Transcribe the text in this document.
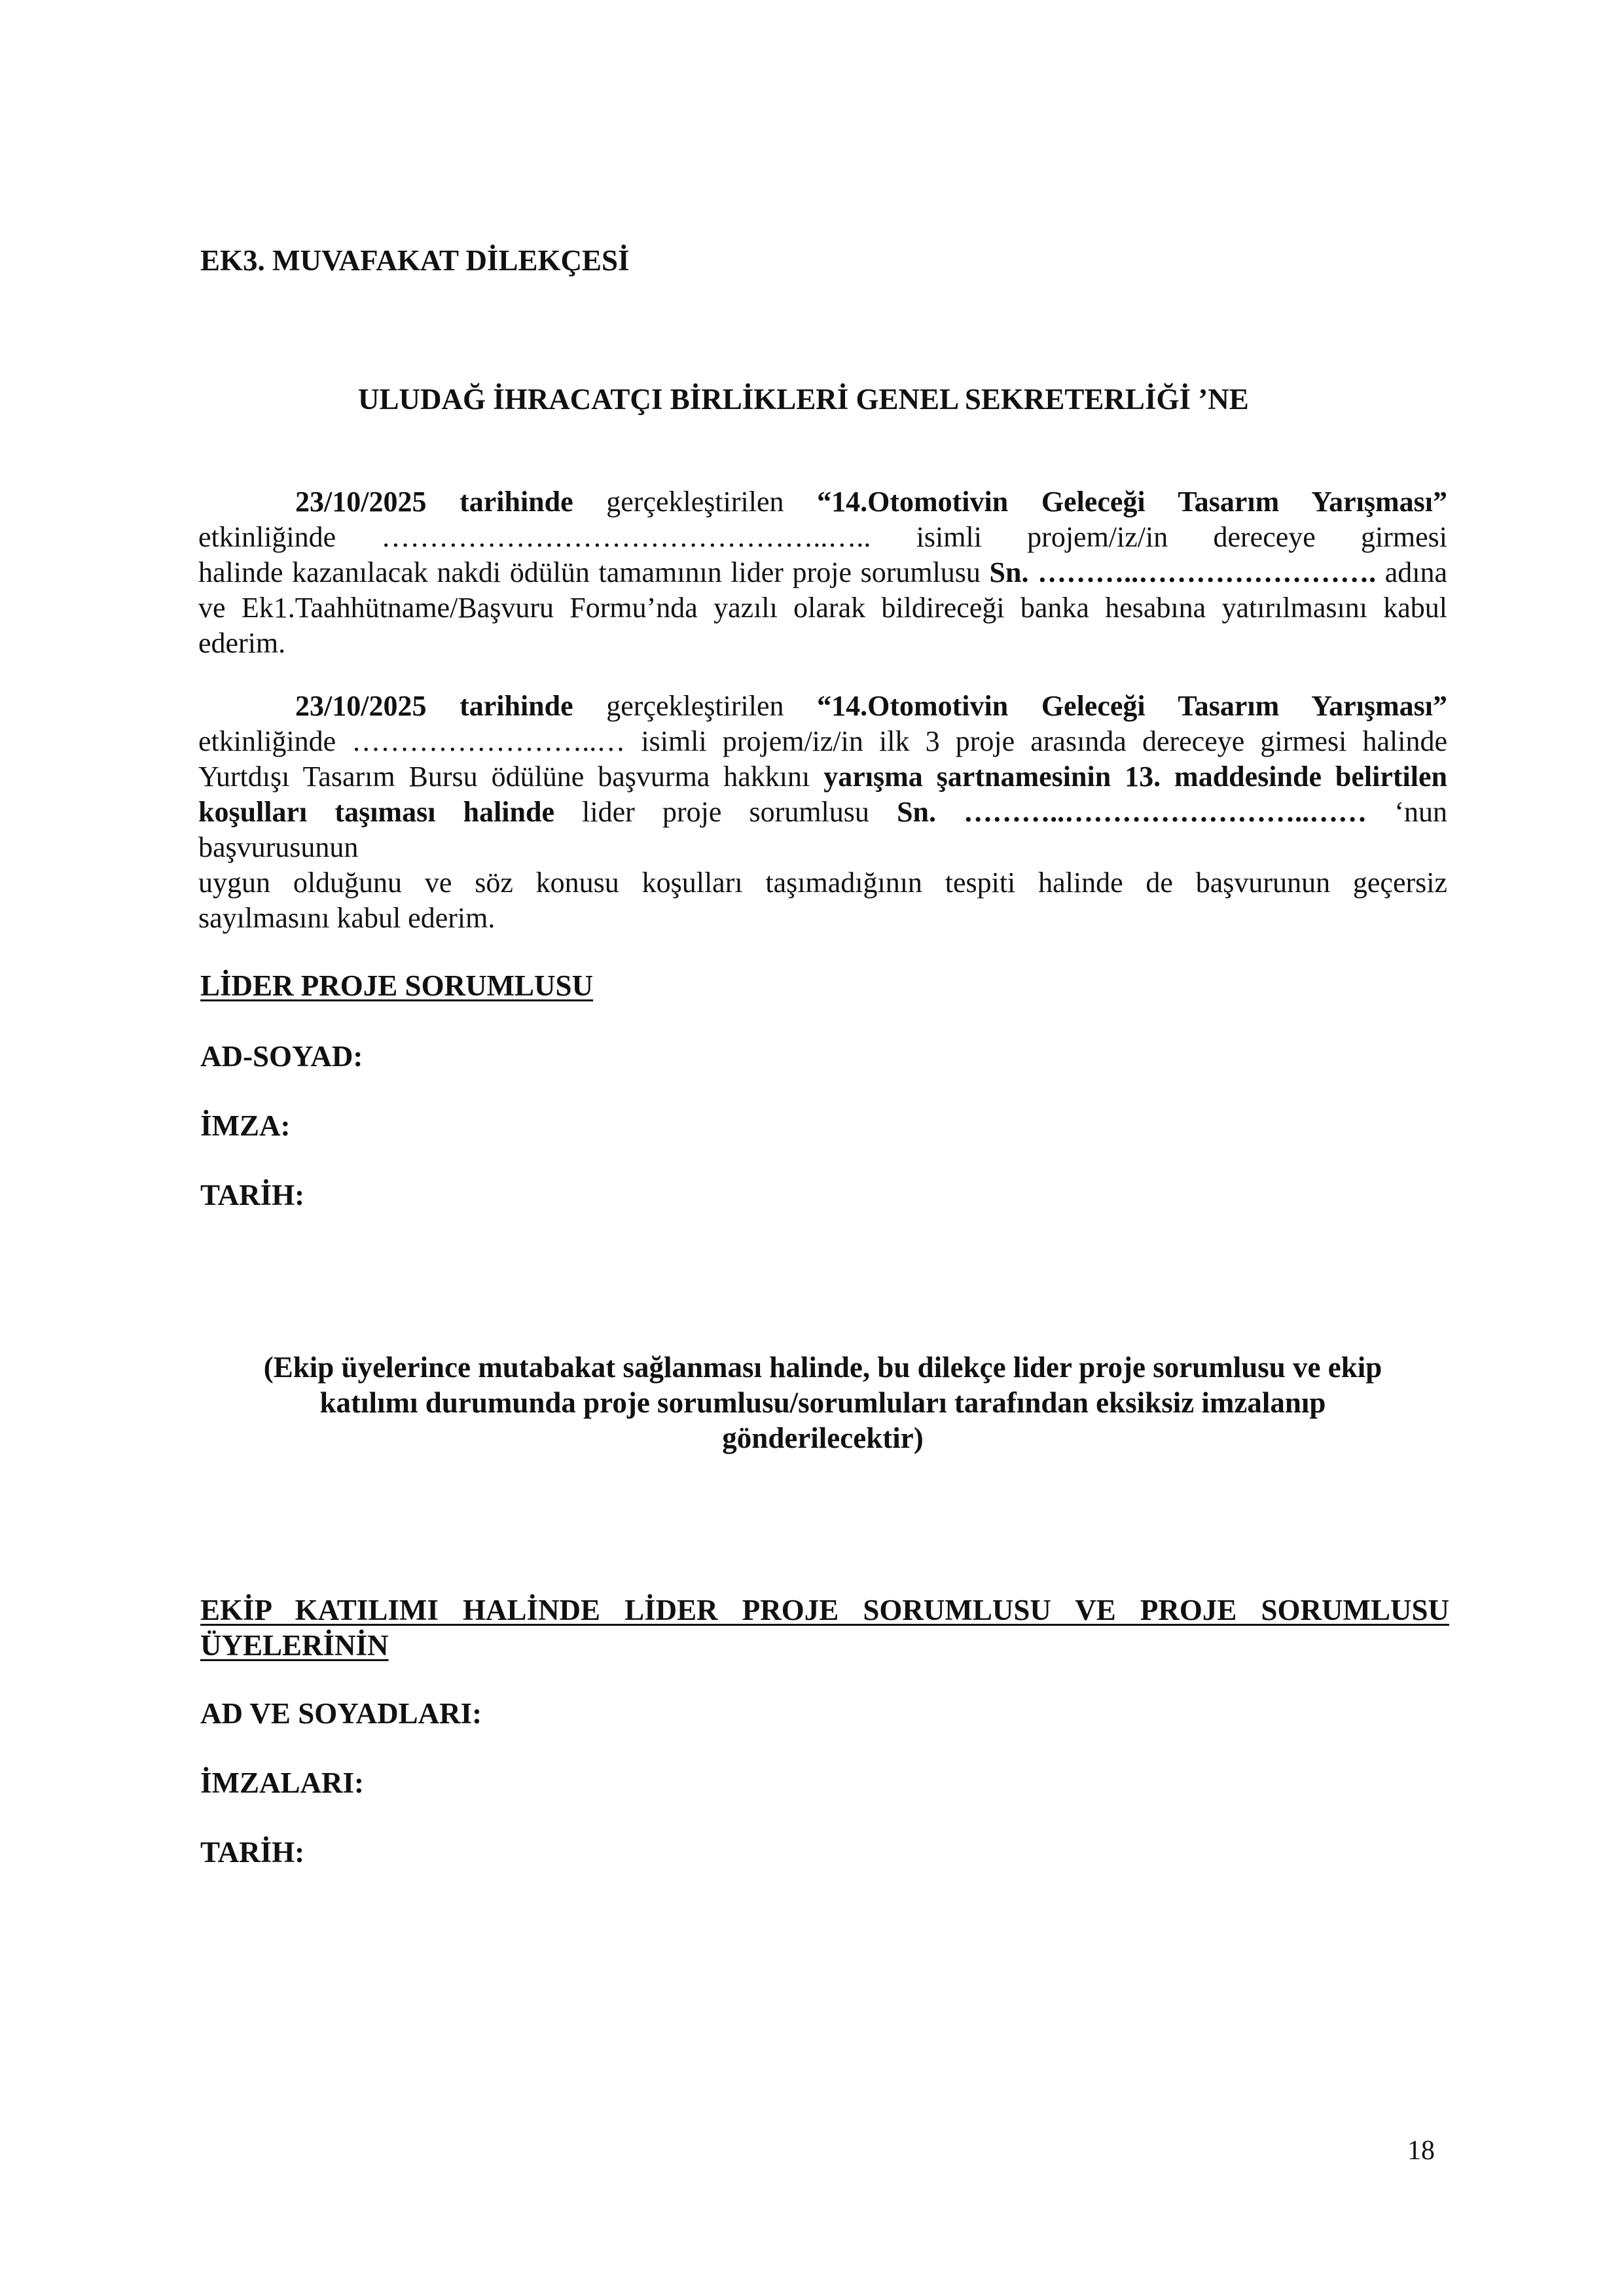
EK3. MUVAFAKAT DİLEKÇESİ
ULUDAĞ İHRACATÇI BİRLİKLERİ GENEL SEKRETERLİĞİ ’NE
23/10/2025 tarihinde gerçekleştirilen “14.Otomotivin Geleceği Tasarım Yarışması”
etkinliğinde ………………………………………..….. isimli projem/iz/in dereceye girmesi
halinde kazanılacak nakdi ödülün tamamının lider proje sorumlusu Sn. ………..……………………. adına
ve Ek1.Taahhütname/Başvuru Formu’nda yazılı olarak bildireceği banka hesabına yatırılmasını kabul
ederim.
23/10/2025 tarihinde gerçekleştirilen “14.Otomotivin Geleceği Tasarım Yarışması”
etkinliğinde ……………………..… isimli projem/iz/in ilk 3 proje arasında dereceye girmesi halinde
Yurtdışı Tasarım Bursu ödülüne başvurma hakkını yarışma şartnamesinin 13. maddesinde belirtilen
koşulları taşıması halinde lider proje sorumlusu Sn. ………..……………………..…… ‘nun başvurusunun
uygun olduğunu ve söz konusu koşulları taşımadığının tespiti halinde de başvurunun geçersiz
sayılmasını kabul ederim.
LİDER PROJE SORUMLUSU
AD-SOYAD:
İMZA:
TARİH:
(Ekip üyelerince mutabakat sağlanması halinde, bu dilekçe lider proje sorumlusu ve ekip
katılımı durumunda proje sorumlusu/sorumluları tarafından eksiksiz imzalanıp
gönderilecektir)
EKİP KATILIMI HALİNDE LİDER PROJE SORUMLUSU VE PROJE SORUMLUSU
ÜYELERİNİN
AD VE SOYADLARI:
İMZALARI:
TARİH:
18
